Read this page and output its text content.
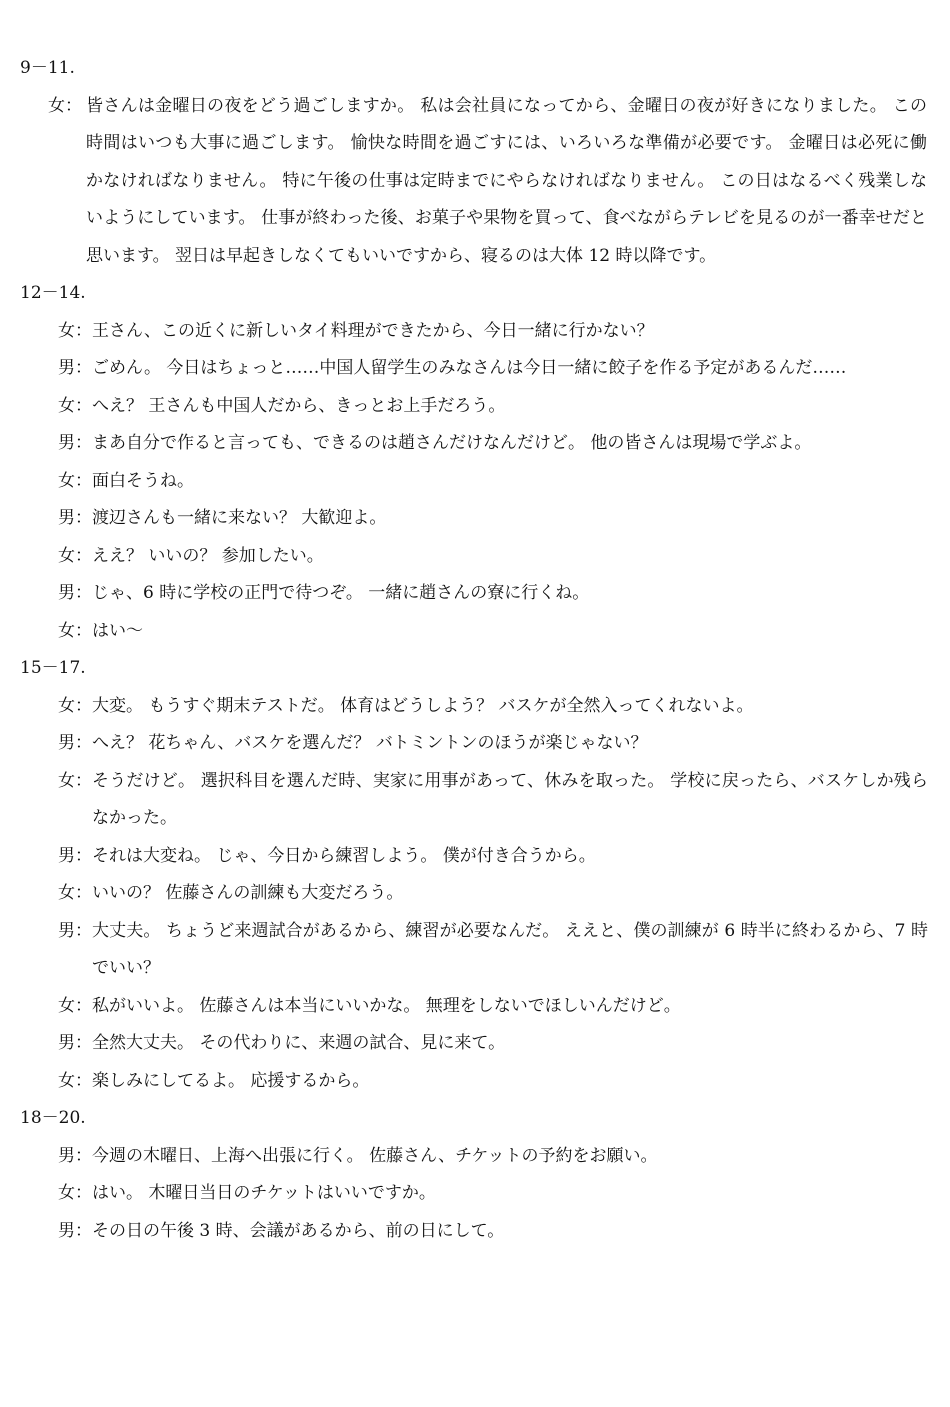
9－11.
女： 皆さんは金曜日の夜をどう過ごしますか。 私は会社員になってから、金曜日の夜が好きになりました。 この時間はいつも大事に過ごします。 愉快な時間を過ごすには、いろいろな準備が必要です。 金曜日は必死に働かなければなりません。 特に午後の仕事は定時までにやらなければなりません。 この日はなるべく残業しないようにしています。 仕事が終わった後、お菓子や果物を買って、食べながらテレビを見るのが一番幸せだと思います。 翌日は早起きしなくてもいいですから、寝るのは大体 12 時以降です。
12－14.
女： 王さん、この近くに新しいタイ料理ができたから、今日一緒に行かない？
男： ごめん。 今日はちょっと……中国人留学生のみなさんは今日一緒に餃子を作る予定があるんだ……
女： へえ？ 王さんも中国人だから、きっとお上手だろう。
男： まあ自分で作ると言っても、できるのは趙さんだけなんだけど。 他の皆さんは現場で学ぶよ。
女： 面白そうね。
男： 渡辺さんも一緒に来ない？ 大歓迎よ。
女： ええ？ いいの？ 参加したい。
男： じゃ、6 時に学校の正門で待つぞ。 一緒に趙さんの寮に行くね。
女： はい～
15－17.
女： 大変。 もうすぐ期末テストだ。 体育はどうしよう？ バスケが全然入ってくれないよ。
男： へえ？ 花ちゃん、バスケを選んだ？ バトミントンのほうが楽じゃない？
女： そうだけど。 選択科目を選んだ時、実家に用事があって、休みを取った。 学校に戻ったら、バスケしか残らなかった。
男： それは大変ね。 じゃ、今日から練習しよう。 僕が付き合うから。
女： いいの？ 佐藤さんの訓練も大変だろう。
男： 大丈夫。 ちょうど来週試合があるから、練習が必要なんだ。 ええと、僕の訓練が 6 時半に終わるから、7 時でいい？
女： 私がいいよ。 佐藤さんは本当にいいかな。 無理をしないでほしいんだけど。
男： 全然大丈夫。 その代わりに、来週の試合、見に来て。
女： 楽しみにしてるよ。 応援するから。
18－20.
男： 今週の木曜日、上海へ出張に行く。 佐藤さん、チケットの予約をお願い。
女： はい。 木曜日当日のチケットはいいですか。
男： その日の午後 3 時、会議があるから、前の日にして。
